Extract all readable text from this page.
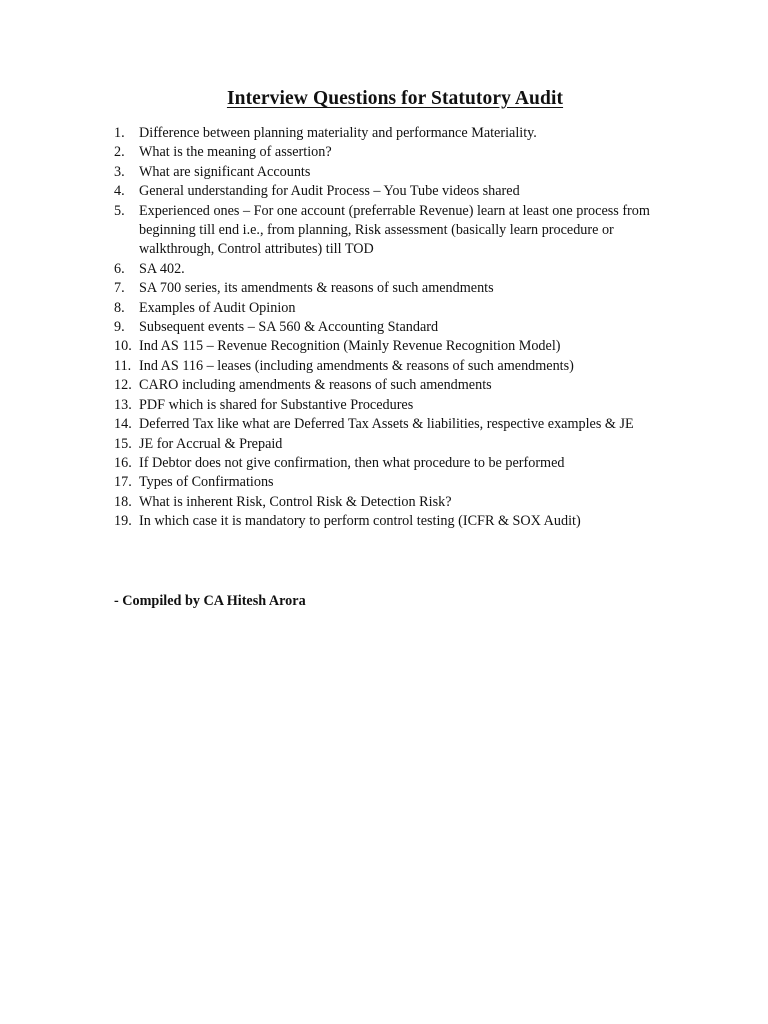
Interview Questions for Statutory Audit
1. Difference between planning materiality and performance Materiality.
2. What is the meaning of assertion?
3. What are significant Accounts
4. General understanding for Audit Process – You Tube videos shared
5. Experienced ones – For one account (preferrable Revenue) learn at least one process from beginning till end i.e., from planning, Risk assessment (basically learn procedure or walkthrough, Control attributes) till TOD
6. SA 402.
7. SA 700 series, its amendments & reasons of such amendments
8. Examples of Audit Opinion
9. Subsequent events – SA 560 & Accounting Standard
10. Ind AS 115 – Revenue Recognition (Mainly Revenue Recognition Model)
11. Ind AS 116 – leases (including amendments & reasons of such amendments)
12. CARO including amendments & reasons of such amendments
13. PDF which is shared for Substantive Procedures
14. Deferred Tax like what are Deferred Tax Assets & liabilities, respective examples & JE
15. JE for Accrual & Prepaid
16. If Debtor does not give confirmation, then what procedure to be performed
17. Types of Confirmations
18. What is inherent Risk, Control Risk & Detection Risk?
19. In which case it is mandatory to perform control testing (ICFR & SOX Audit)
- Compiled by CA Hitesh Arora
